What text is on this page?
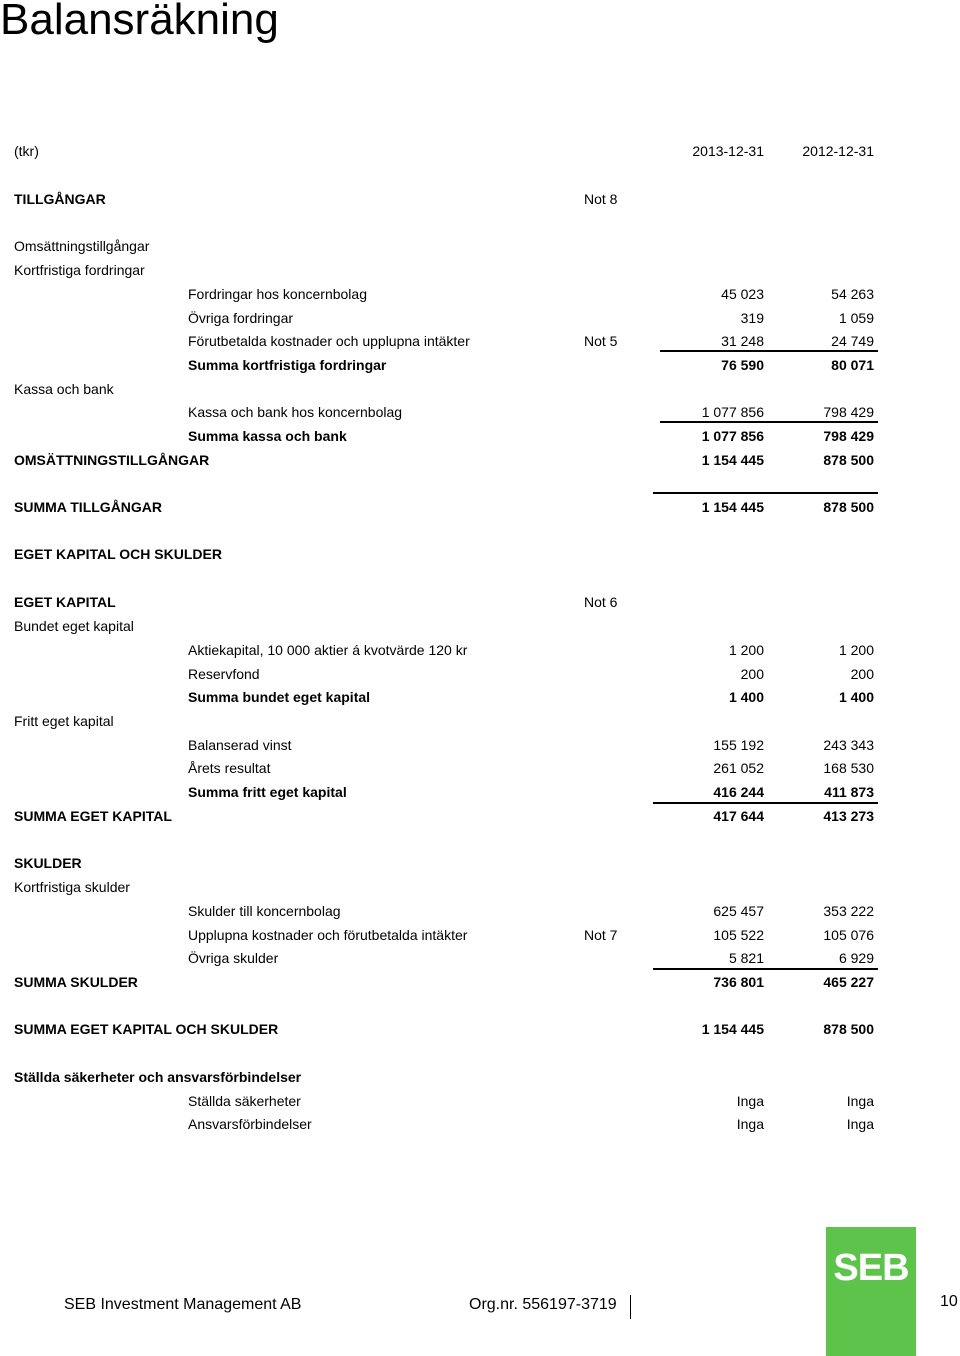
Balansräkning
(tkr)	2013-12-31	2012-12-31
TILLGÅNGAR	Not 8
Omsättningstillgångar
Kortfristiga fordringar
Fordringar hos koncernbolag	45 023	54 263
Övriga fordringar	319	1 059
Förutbetalda kostnader och upplupna intäkter	Not 5	31 248	24 749
Summa kortfristiga fordringar	76 590	80 071
Kassa och bank
Kassa och bank hos koncernbolag	1 077 856	798 429
Summa kassa och bank	1 077 856	798 429
OMSÄTTNINGSTILLGÅNGAR	1 154 445	878 500
SUMMA TILLGÅNGAR	1 154 445	878 500
EGET KAPITAL OCH SKULDER
EGET KAPITAL	Not 6
Bundet eget kapital
Aktiekapital, 10 000 aktier á kvotvärde 120 kr	1 200	1 200
Reservfond	200	200
Summa bundet eget kapital	1 400	1 400
Fritt eget kapital
Balanserad vinst	155 192	243 343
Årets resultat	261 052	168 530
Summa fritt eget kapital	416 244	411 873
SUMMA EGET KAPITAL	417 644	413 273
SKULDER
Kortfristiga skulder
Skulder till koncernbolag	625 457	353 222
Upplupna kostnader och förutbetalda intäkter	Not 7	105 522	105 076
Övriga skulder	5 821	6 929
SUMMA SKULDER	736 801	465 227
SUMMA EGET KAPITAL OCH SKULDER	1 154 445	878 500
Ställda säkerheter och ansvarsförbindelser
Ställda säkerheter	Inga	Inga
Ansvarsförbindelser	Inga	Inga
SEB Investment Management AB	Org.nr. 556197-3719
SEB
10
